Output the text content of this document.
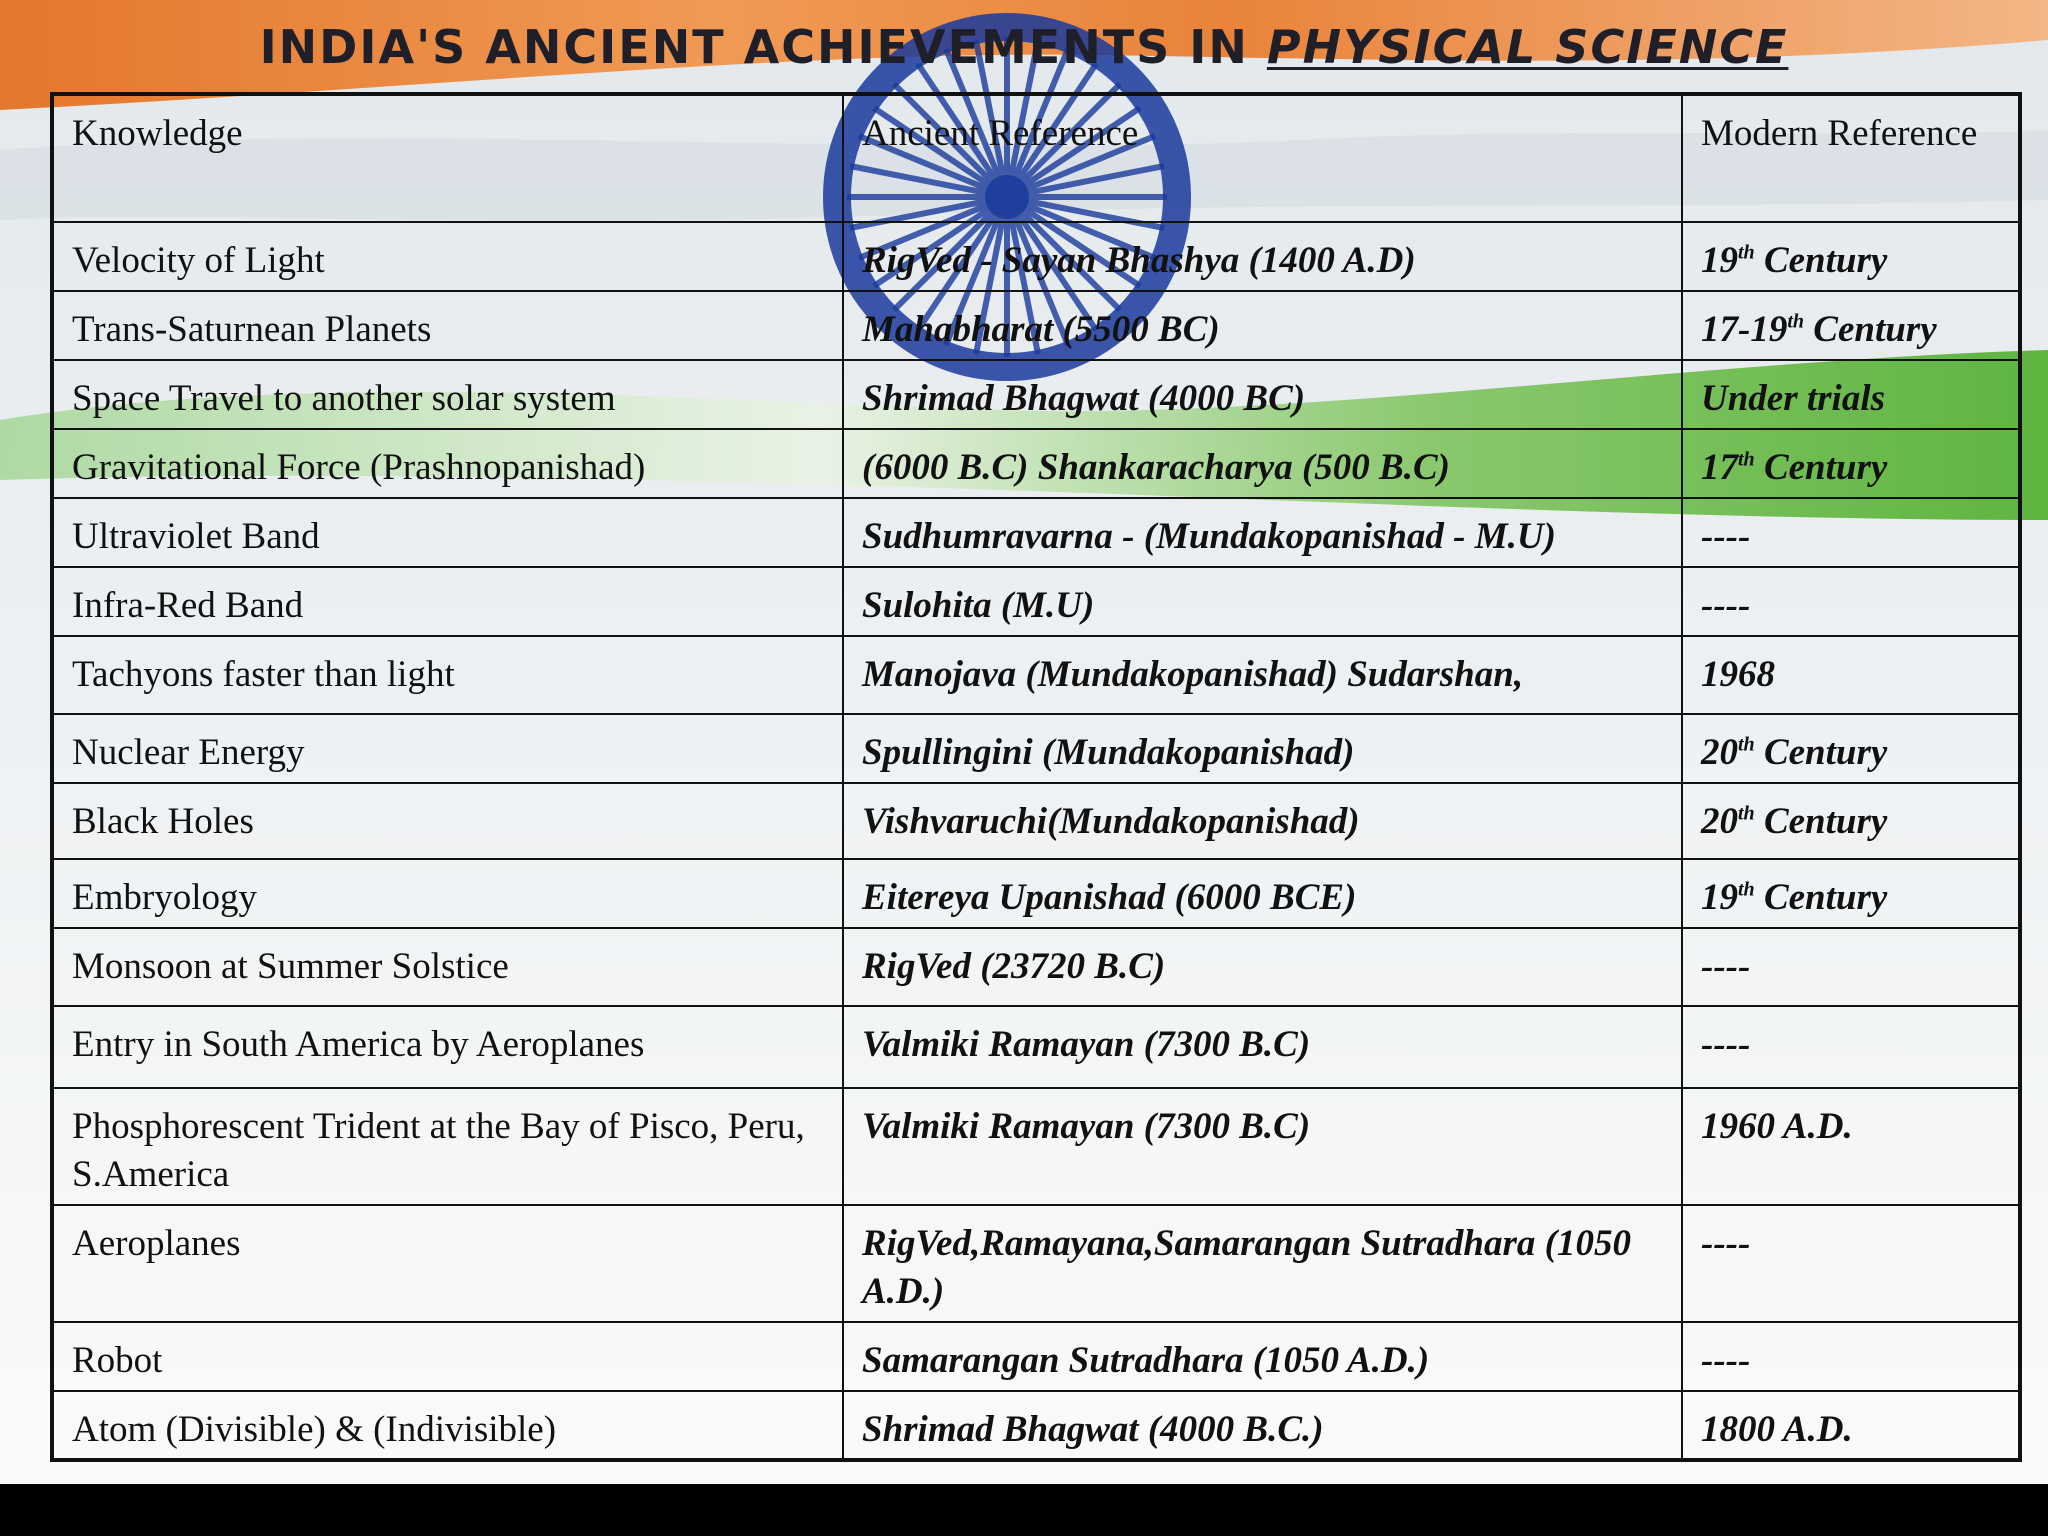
INDIA'S ANCIENT ACHIEVEMENTS IN PHYSICAL SCIENCE
Knowledge	Ancient Reference	Modern Reference
Velocity of Light	RigVed - Sayan Bhashya (1400 A.D)	19th Century
Trans-Saturnean Planets	Mahabharat (5500 BC)	17-19th Century
Space Travel to another solar system	Shrimad Bhagwat (4000 BC)	Under trials
Gravitational Force (Prashnopanishad)	(6000 B.C) Shankaracharya (500 B.C)	17th Century
Ultraviolet Band	Sudhumravarna - (Mundakopanishad - M.U)	----
Infra-Red Band	Sulohita (M.U)	----
Tachyons faster than light	Manojava (Mundakopanishad) Sudarshan,	1968
Nuclear Energy	Spullingini (Mundakopanishad)	20th Century
Black Holes	Vishvaruchi(Mundakopanishad)	20th Century
Embryology	Eitereya Upanishad (6000 BCE)	19th Century
Monsoon at Summer Solstice	RigVed (23720 B.C)	----
Entry in South America by Aeroplanes	Valmiki Ramayan (7300 B.C)	----
Phosphorescent Trident at the Bay of Pisco, Peru, S.America	Valmiki Ramayan (7300 B.C)	1960 A.D.
Aeroplanes	RigVed,Ramayana,Samarangan Sutradhara (1050 A.D.)	----
Robot	Samarangan Sutradhara (1050 A.D.)	----
Atom (Divisible) & (Indivisible)	Shrimad Bhagwat (4000 B.C.)	1800 A.D.
